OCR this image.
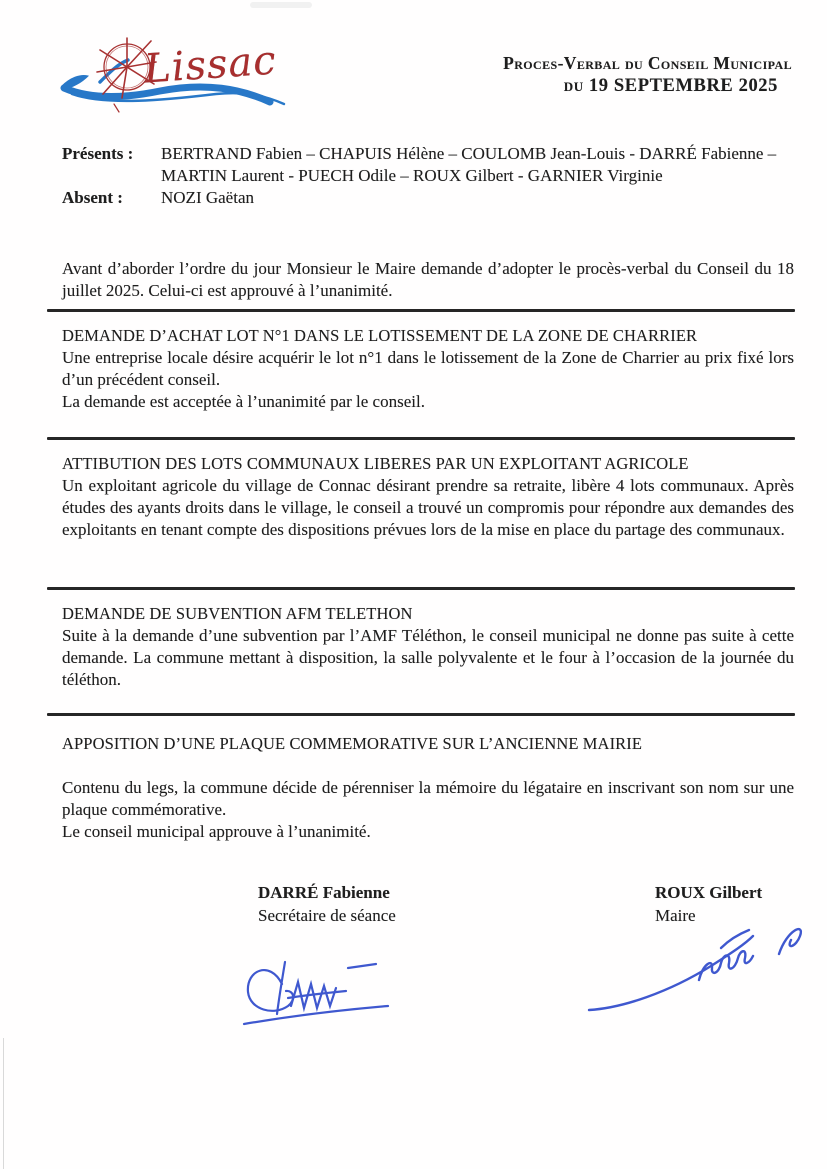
Lissac	Proces-Verbal du Conseil Municipal
du 19 SEPTEMBRE 2025
Présents :	BERTRAND Fabien – CHAPUIS Hélène – COULOMB Jean-Louis - DARRÉ Fabienne –MARTIN Laurent - PUECH Odile – ROUX Gilbert - GARNIER Virginie
Absent :	NOZI Gaëtan

Avant d’aborder l’ordre du jour Monsieur le Maire demande d’adopter le procès-verbal du Conseil du 18 juillet 2025. Celui-ci est approuvé à l’unanimité.

DEMANDE D’ACHAT LOT N°1 DANS LE LOTISSEMENT DE LA ZONE DE CHARRIER

Une entreprise locale désire acquérir le lot n°1 dans le lotissement de la Zone de Charrier au prix fixé lors d’un précédent conseil.

La demande est acceptée à l’unanimité par le conseil.

ATTIBUTION DES LOTS COMMUNAUX LIBERES PAR UN EXPLOITANT AGRICOLE

Un exploitant agricole du village de Connac désirant prendre sa retraite, libère 4 lots communaux. Après études des ayants droits dans le village, le conseil a trouvé un compromis pour répondre aux demandes des exploitants en tenant compte des dispositions prévues lors de la mise en place du partage des communaux.

DEMANDE DE SUBVENTION AFM TELETHON

Suite à la demande d’une subvention par l’AMF Téléthon, le conseil municipal ne donne pas suite à cette demande. La commune mettant à disposition, la salle polyvalente et le four à l’occasion de la journée du téléthon.

APPOSITION D’UNE PLAQUE COMMEMORATIVE SUR L’ANCIENNE MAIRIE

Contenu du legs, la commune décide de pérenniser la mémoire du légataire en inscrivant son nom sur une plaque commémorative.

Le conseil municipal approuve à l’unanimité.

DARRÉ Fabienne
Secrétaire de séance
ROUX Gilbert
Maire
